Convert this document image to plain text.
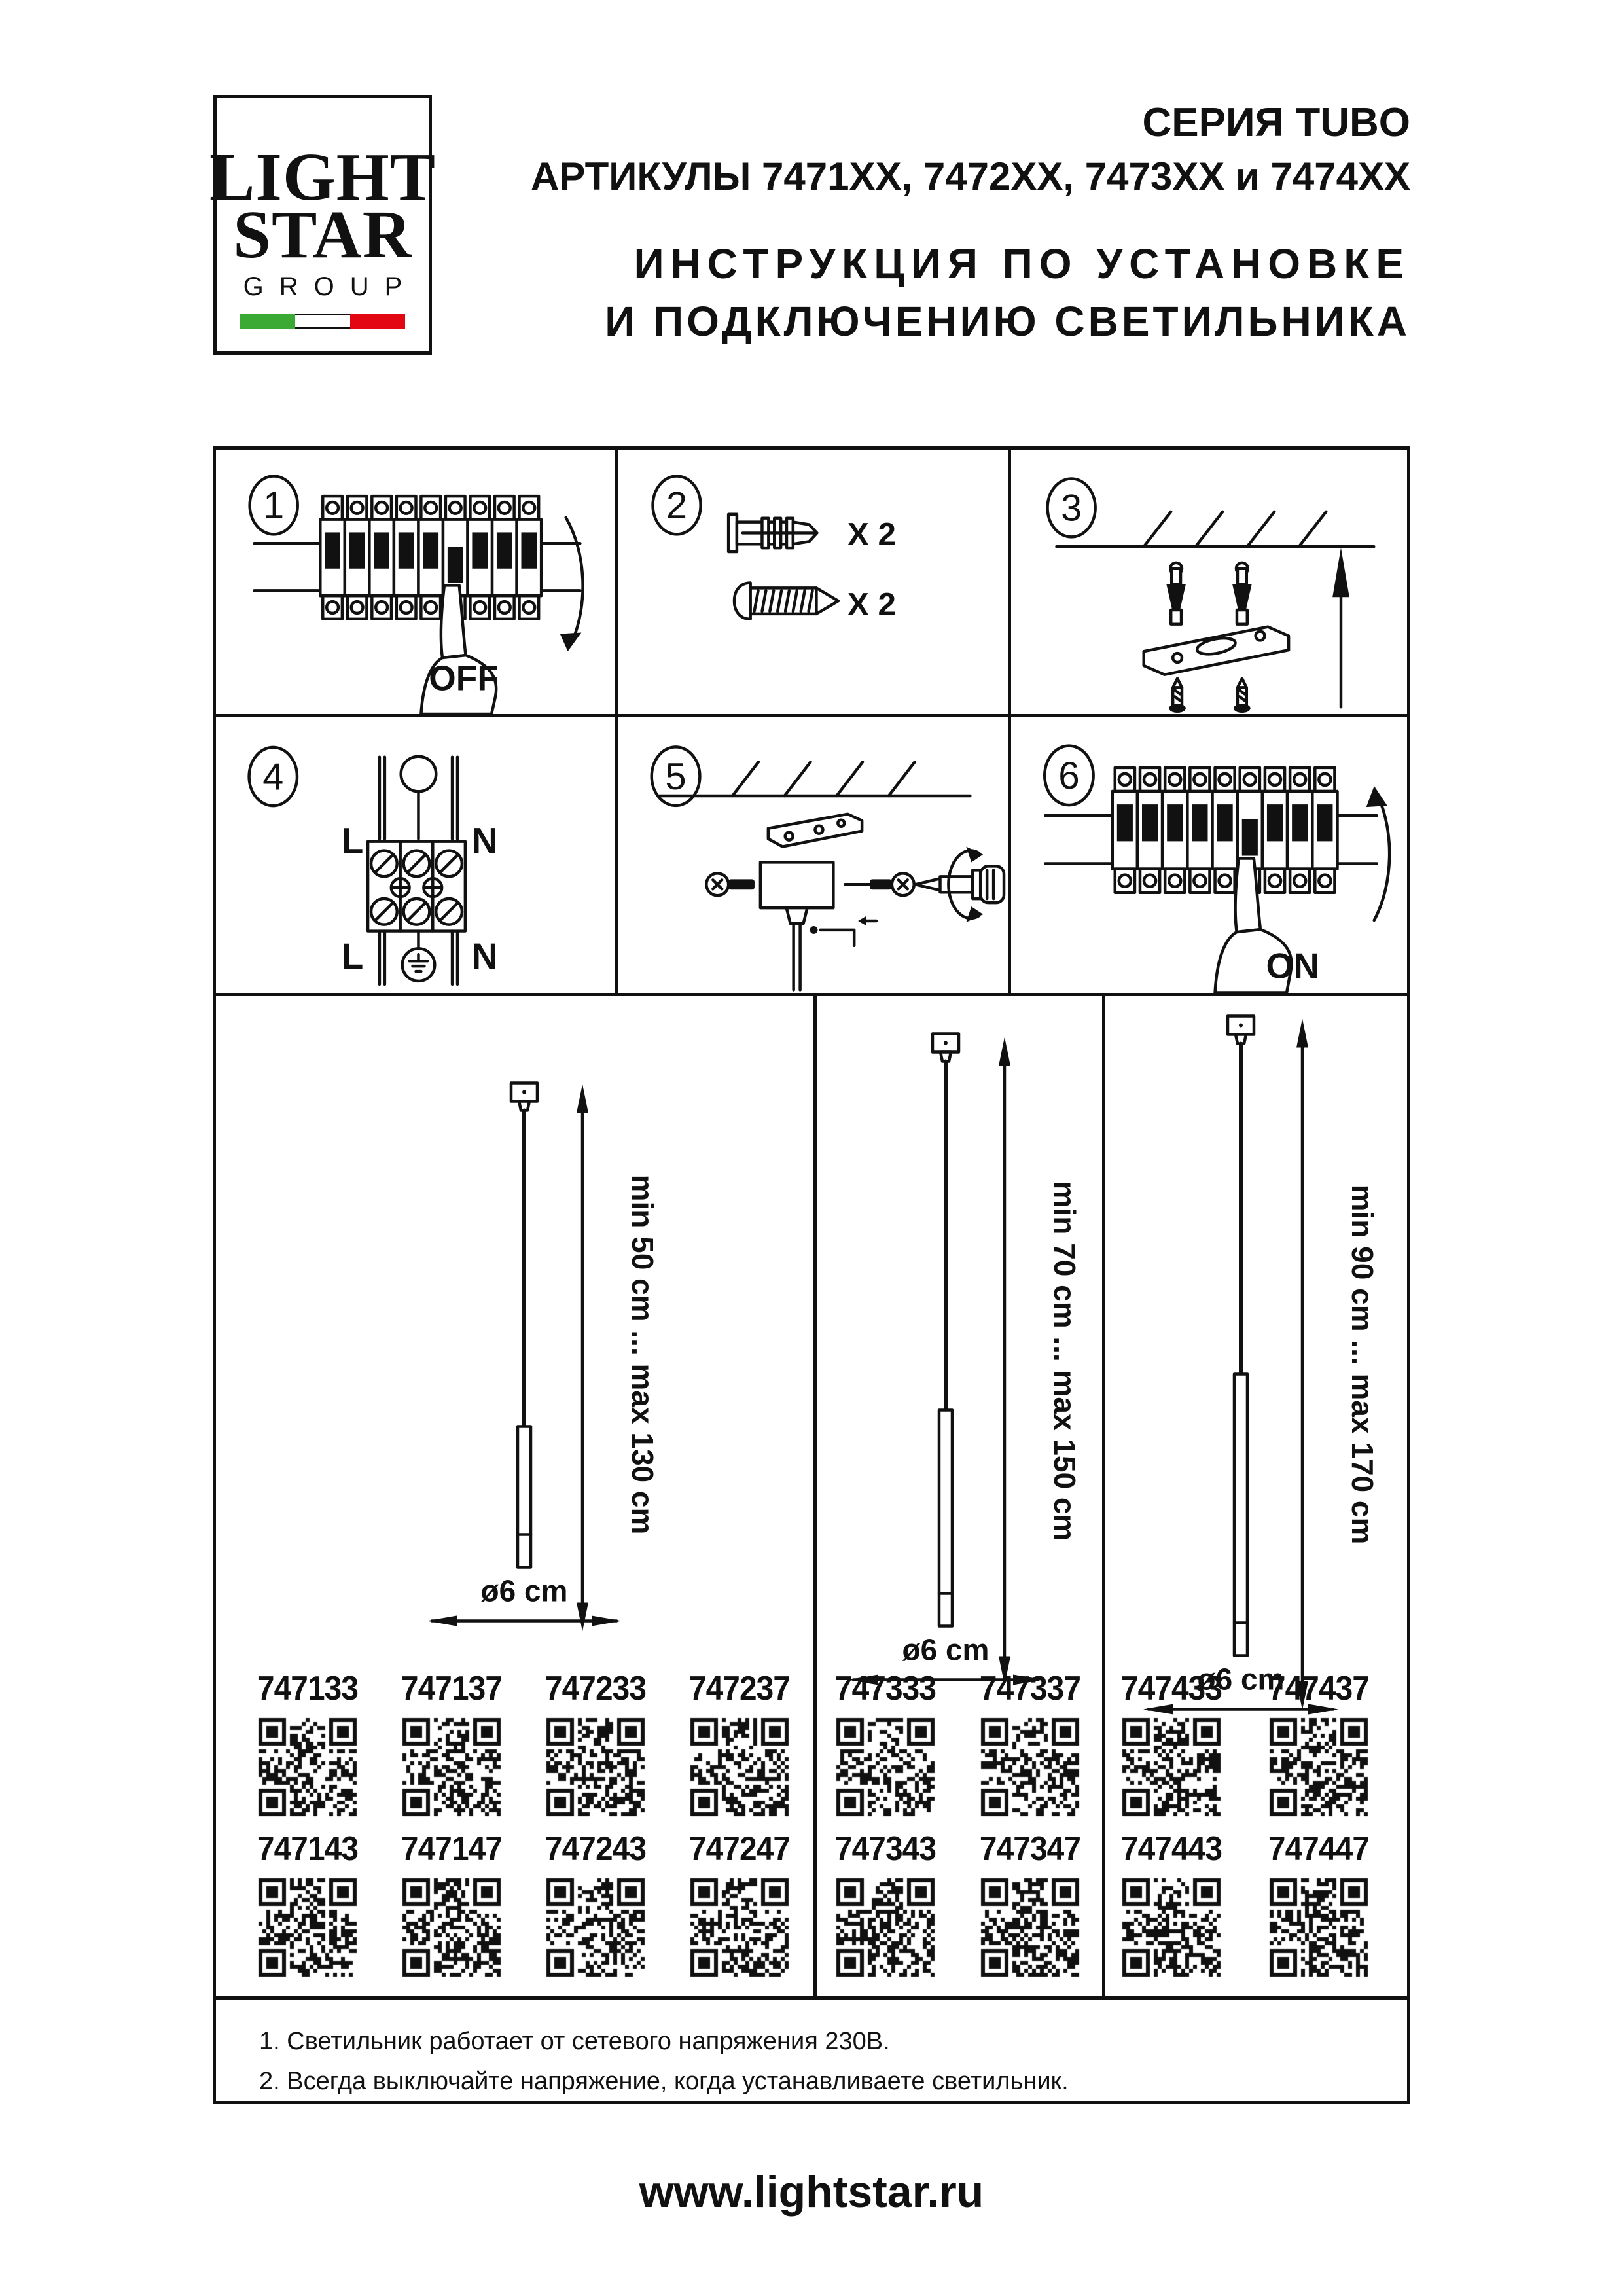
LIGHT
STAR
GROUP
СЕРИЯ TUBO
АРТИКУЛЫ 7471XX, 7472XX, 7473XX и 7474XX
ИНСТРУКЦИЯ ПО УСТАНОВКЕ
И ПОДКЛЮЧЕНИЮ СВЕТИЛЬНИКА
1
OFF
2
X 2
X 2
3
4
L	N
L	N
5	6
ON
min 50 cm ... max 130 cm
ø6 cm
min 70 cm ... max 150 cm
ø6 cm
min 90 cm ... max 170 cm
ø6 cm
747133 747137 747233 747237 747333 747337 747433 747437
747143 747147 747243 747247 747343 747347 747443 747447
1. Светильник работает от сетевого напряжения 230В.
2. Всегда выключайте напряжение, когда устанавливаете светильник.
www.lightstar.ru
